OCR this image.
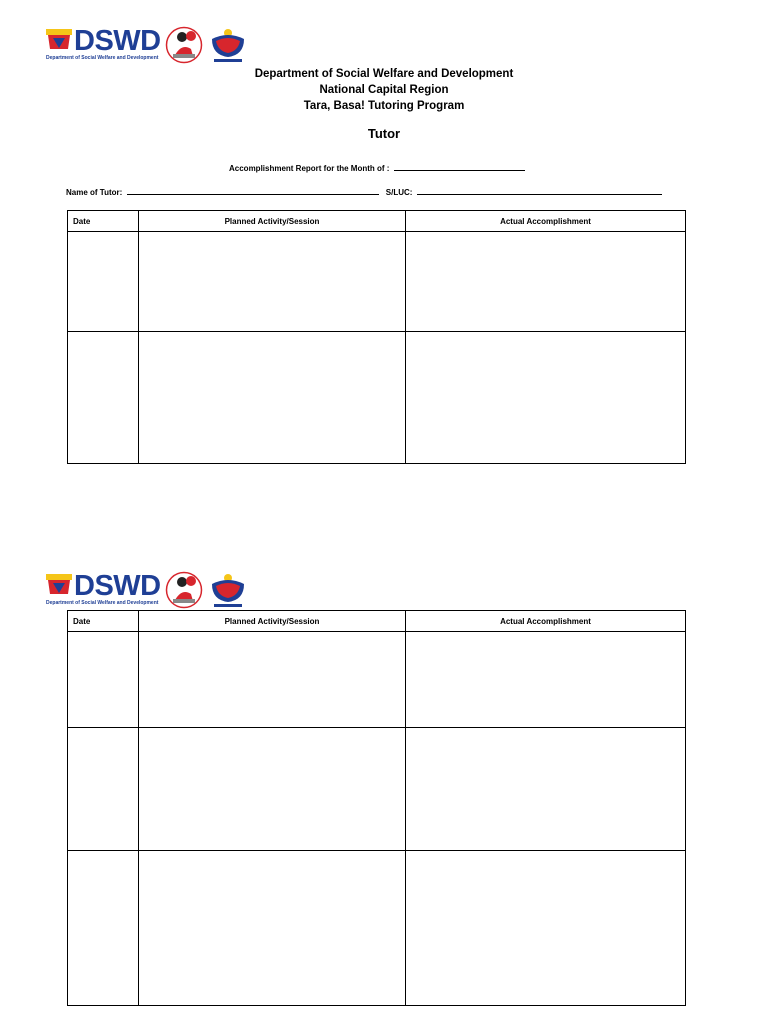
DSWD
Department of Social Welfare and Development
Department of Social Welfare and Development
National Capital Region
Tara, Basa! Tutoring Program
Tutor
Accomplishment Report for the Month of :
Name of Tutor:	S/LUC:
Date	Planned Activity/Session	Actual Accomplishment

DSWD
Department of Social Welfare and Development
Date	Planned Activity/Session	Actual Accomplishment
